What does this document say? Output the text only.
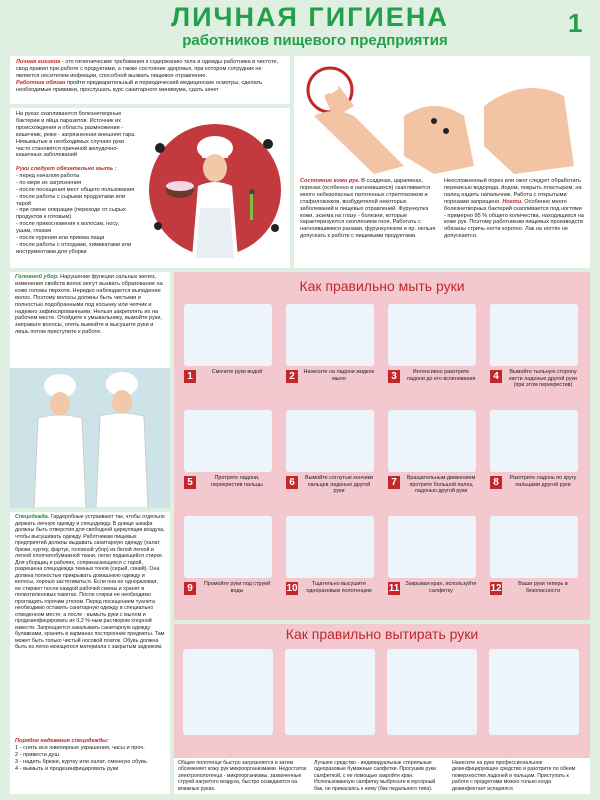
ЛИЧНАЯ ГИГИЕНА
работников пищевого предприятия
1
Личная гигиена - это гигиенические требования к содержанию тела и одежды работника в чистоте, свод правил при работе с продуктами, а также состояние здоровья, при котором сотрудник не является носителем инфекции, способной вызвать пищевое отравление.
Работник обязан пройти предварительный и периодический медицинские осмотры, сделать необходимые прививки, прослушать курс санитарного минимума, сдать зачет
На руках скапливаются болезнетворные бактерии и яйца паразитов. Источник их происхождения и область размножения - кишечник, реже - загрязненная внешняя тара. Невымытые в необходимых случаях руки часто становятся причиной желудочно-кишечных заболеваний
Руки следует обязательно мыть :
- перед началом работы
- по мере их загрязнения
- после посещения мест общего пользования
- после работы с сырыми продуктами или тарой
- при смене операции (переходе от сырых продуктов к готовым)
- после прикосновения к волосам, носу, ушам, глазам
- после курения или приема пищи
- после работы с отходами, химикатами или инструментами для уборки
Состояние кожи рук. В ссадинах, царапинах, порезах (особенно в нагноившихся) скапливается много небезопасных патогенных стрептококков и стафилококков, возбудителей некоторых заболеваний и пищевых отравлений. Фурункулез кожи, экзема на глазу - болезни, которые характеризуются скоплением гноя. Работать с нагноившимися ранами, фурункулезом и пр. нельзя допускать к работе с пищевыми продуктами.
Неосложненный порез или ожог следует обработать перекисью водорода, йодом, покрыть пластырем, на палец надеть напальчник. Работа с открытыми порезами запрещено. Ногти. Особенно много болезнетворных бактерий скапливается под ногтями - примерно 95 % общего количества, находящихся на коже рук. Поэтому работникам пищевых производств обязаны стричь ногти коротко. Лак на ногтях не допускается.
Головной убор. Нарушение функции сальных желез, изменения свойств волос могут вызвать образование на коже головы перхоти. Нередко наблюдается выпадение волос. Поэтому волосы должны быть чистыми и полностью подобранными под косынку или чепчик и надежно зафиксированными. Нельзя закреплять их на рабочем месте. Отойдите к умывальнику, вымойте руки, заправьте волосы, опять вымойте и высушите руки и лишь потом приступите к работе.
Спецодежда. Гардеробные устраивают так, чтобы отдельно держать личную одежду и спецодежду. В днище шкафа должны быть отверстия для свободной циркуляции воздуха, чтобы высушивать одежду. Работникам пищевых предприятий должны выдавать санитарную одежду (халат, брюки, куртку, фартук, головной убор) из белой легкой и легкой хлопчатобумажной ткани, легко подающейся стирке. Для уборщиц и рабочих, соприкасающихся с тарой, разрешена спецодежда темных тонов (серый, синий). Она должна полностью прикрывать домашнюю одежду и волосы, хорошо застегиваться. Если она не одноразовая, ее стирают после каждой рабочей смены и хранят в полиэтиленовых пакетах. После стирки ее необходимо прогладить горячим утюгом. Перед посещением туалета необходимо оставить санитарную одежду в специально отведенном месте; а после - вымыть руки с мылом и продезинфицировать их 0,2 %-ным раствором хлорной извести. Запрещается закалывать санитарную одежду булавками, хранить в карманах посторонние предметы. Там может быть только чистый носовой платок. Обувь должна быть из легко моющегося материала с закрытым задником.
Порядок надевания спецодежды:
1 - снять все ювелирные украшения, часы и проч.
2 - привести душ
3 - надеть брюки, куртку или халат, сменную обувь
4 - вымыть и продезинфицировать руки
Как правильно мыть руки
1	Смочите руки водой	2	Нанесите на ладони жидкое мыло	3	Интенсивно разотрите ладони до его вспенивания	4	Вымойте тыльную сторону кисти ладонью другой руки (при этом перекрестив)
5	Протрите ладони, перекрестив пальцы	6	Вымойте согнутые кончики пальцев ладонью другой руки
7	Вращательным движением протрите большой палец ладонью другой руки
8	Разотрите ладонь по кругу пальцами другой руки
9	Промойте руки под струей воды	10	Тщательно высушите одноразовым полотенцем	11 Закрывая кран, используйте салфетку	12	Ваши руки теперь в безопасности
Как правильно вытирать руки
Общее полотенце быстро загрязняется и затем обсеменяет кожу рук микроорганизмами. Недостаток электрополотенца - микроорганизмы, захваченные струей нагретого воздуха, быстро осаждаются на влажных руках.
Лучшее средство - индивидуальные стерильные одноразовые бумажные салфетки. Просушив руки салфеткой, с ее помощью закройте кран. Использованную салфетку выбросьте в мусорный бак, не прикасаясь к нему (бак педального типа).
Нанесите на руки профессиональное дезинфицирующее средство и разотрите по обеим поверхностям ладоней и пальцам. Приступать к работе с продуктами можно только когда дезинфектант испарился
